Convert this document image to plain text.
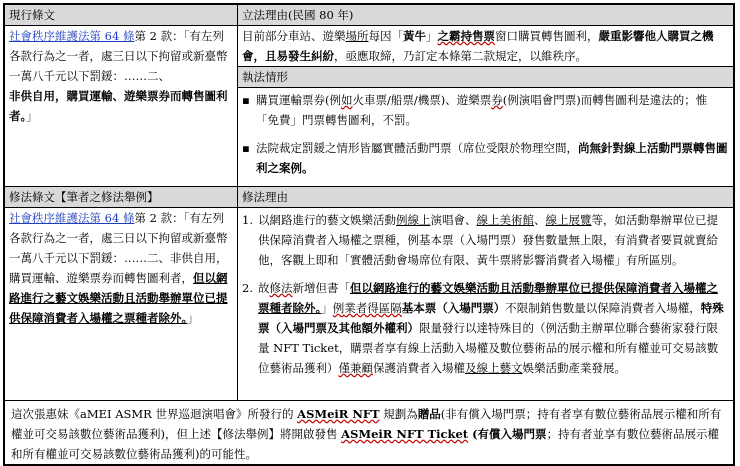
現行條文	立法理由(民國 80 年)
社會秩序維護法第 64 條第 2 款：「有左列各款行為之一者，處三日以下拘留或新臺幣一萬八千元以下罰鍰：……二、
非供自用，購買運輸、遊樂票券而轉售圖利者。」	目前部分車站、遊樂場所每因「黃牛」之霸持售票窗口購買轉售圖利，嚴重影響他人購買之機會，且易發生糾紛，亟應取締，乃訂定本條第二款規定，以維秩序。
	執法情形

	▪ 購買運輸票券(例如火車票/船票/機票)、遊樂票券(例演唱會門票)而轉售圖利是違法的；惟「免費」門票轉售圖利，不罰。
▪ 法院裁定罰鍰之情形皆屬實體活動門票（席位受限於物理空間，尚無針對線上活動門票轉售圖利之案例。

修法條文【筆者之修法舉例】	修法理由
社會秩序維護法第 64 條第 2 款：「有左列各款行為之一者，處三日以下拘留或新臺幣一萬八千元以下罰鍰：……二、非供自用，購買運輸、遊樂票券而轉售圖利者，但以網路進行之藝文娛樂活動且活動舉辦單位已提供保障消費者入場權之票種者除外。」	1. 以網路進行的藝文娛樂活動例線上演唱會、線上美術館、線上展覽等，如活動舉辦單位已提供保障消費者入場權之票種，例基本票（入場門票）發售數量無上限，有消費者要買就賣給他，客觀上即和「實體活動會場席位有限、黃牛票將影響消費者入場權」有所區別。
2. 故修法新增但書「但以網路進行的藝文娛樂活動且活動舉辦單位已提供保障消費者入場權之票種者除外。」例業者得區隔基本票（入場門票）不限制銷售數量以保障消費者入場權，特殊票（入場門票及其他額外權利）限量發行以達特殊目的（例活動主辦單位聯合藝術家發行限量 NFT Ticket，購票者享有線上活動入場權及數位藝術品的展示權和所有權並可交易該數位藝術品獲利）僅兼顧保護消費者入場權及線上藝文娛樂活動產業發展。

這次張惠妹《aMEI ASMR 世界巡迴演唱會》所發行的 ASMeiR NFT 規劃為贈品(非有償入場門票；持有者享有數位藝術品展示權和所有權並可交易該數位藝術品獲利)，但上述【修法舉例】將開啟發售 ASMeiR NFT Ticket (有償入場門票；持有者並享有數位藝術品展示權和所有權並可交易該數位藝術品獲利)的可能性。	
